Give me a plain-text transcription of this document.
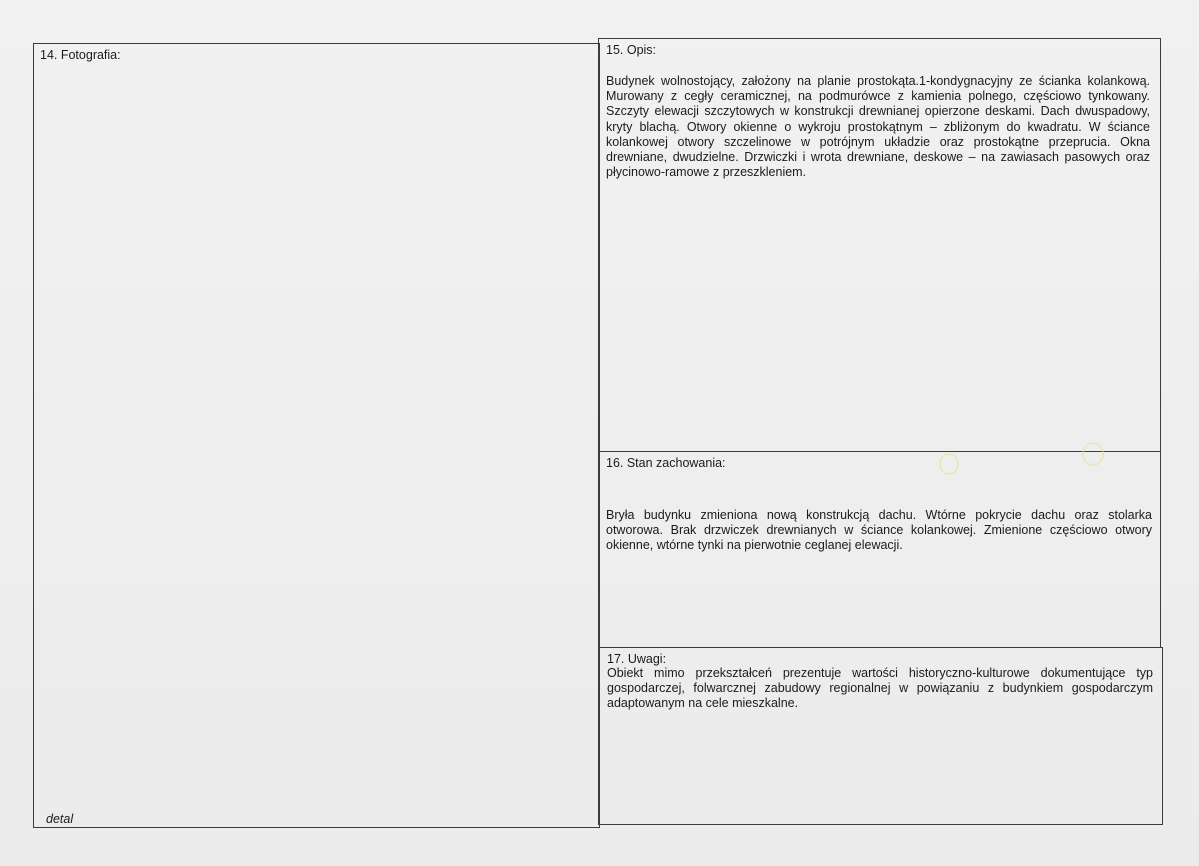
14. Fotografia:
detal
15. Opis:

Budynek wolnostojący, założony na planie prostokąta.1-kondygnacyjny ze ścianka kolankową. Murowany z cegły ceramicznej, na podmurówce z kamienia polnego, częściowo tynkowany. Szczyty elewacji szczytowych w konstrukcji drewnianej opierzone deskami. Dach dwuspadowy, kryty blachą. Otwory okienne o wykroju prostokątnym – zbliżonym do kwadratu. W ściance kolankowej otwory szczelinowe w potrójnym układzie oraz prostokątne przeprucia. Okna drewniane, dwudzielne. Drzwiczki i wrota drewniane, deskowe – na zawiasach pasowych oraz płycinowo-ramowe z przeszkleniem.

16. Stan zachowania:

Bryła budynku zmieniona nową konstrukcją dachu. Wtórne pokrycie dachu oraz stolarka otworowa. Brak drzwiczek drewnianych w ściance kolankowej. Zmienione częściowo otwory okienne, wtórne tynki na pierwotnie ceglanej elewacji.

17. Uwagi:

Obiekt mimo przekształceń prezentuje wartości historyczno-kulturowe dokumentujące typ gospodarczej, folwarcznej zabudowy regionalnej w powiązaniu z budynkiem gospodarczym adaptowanym na cele mieszkalne.
